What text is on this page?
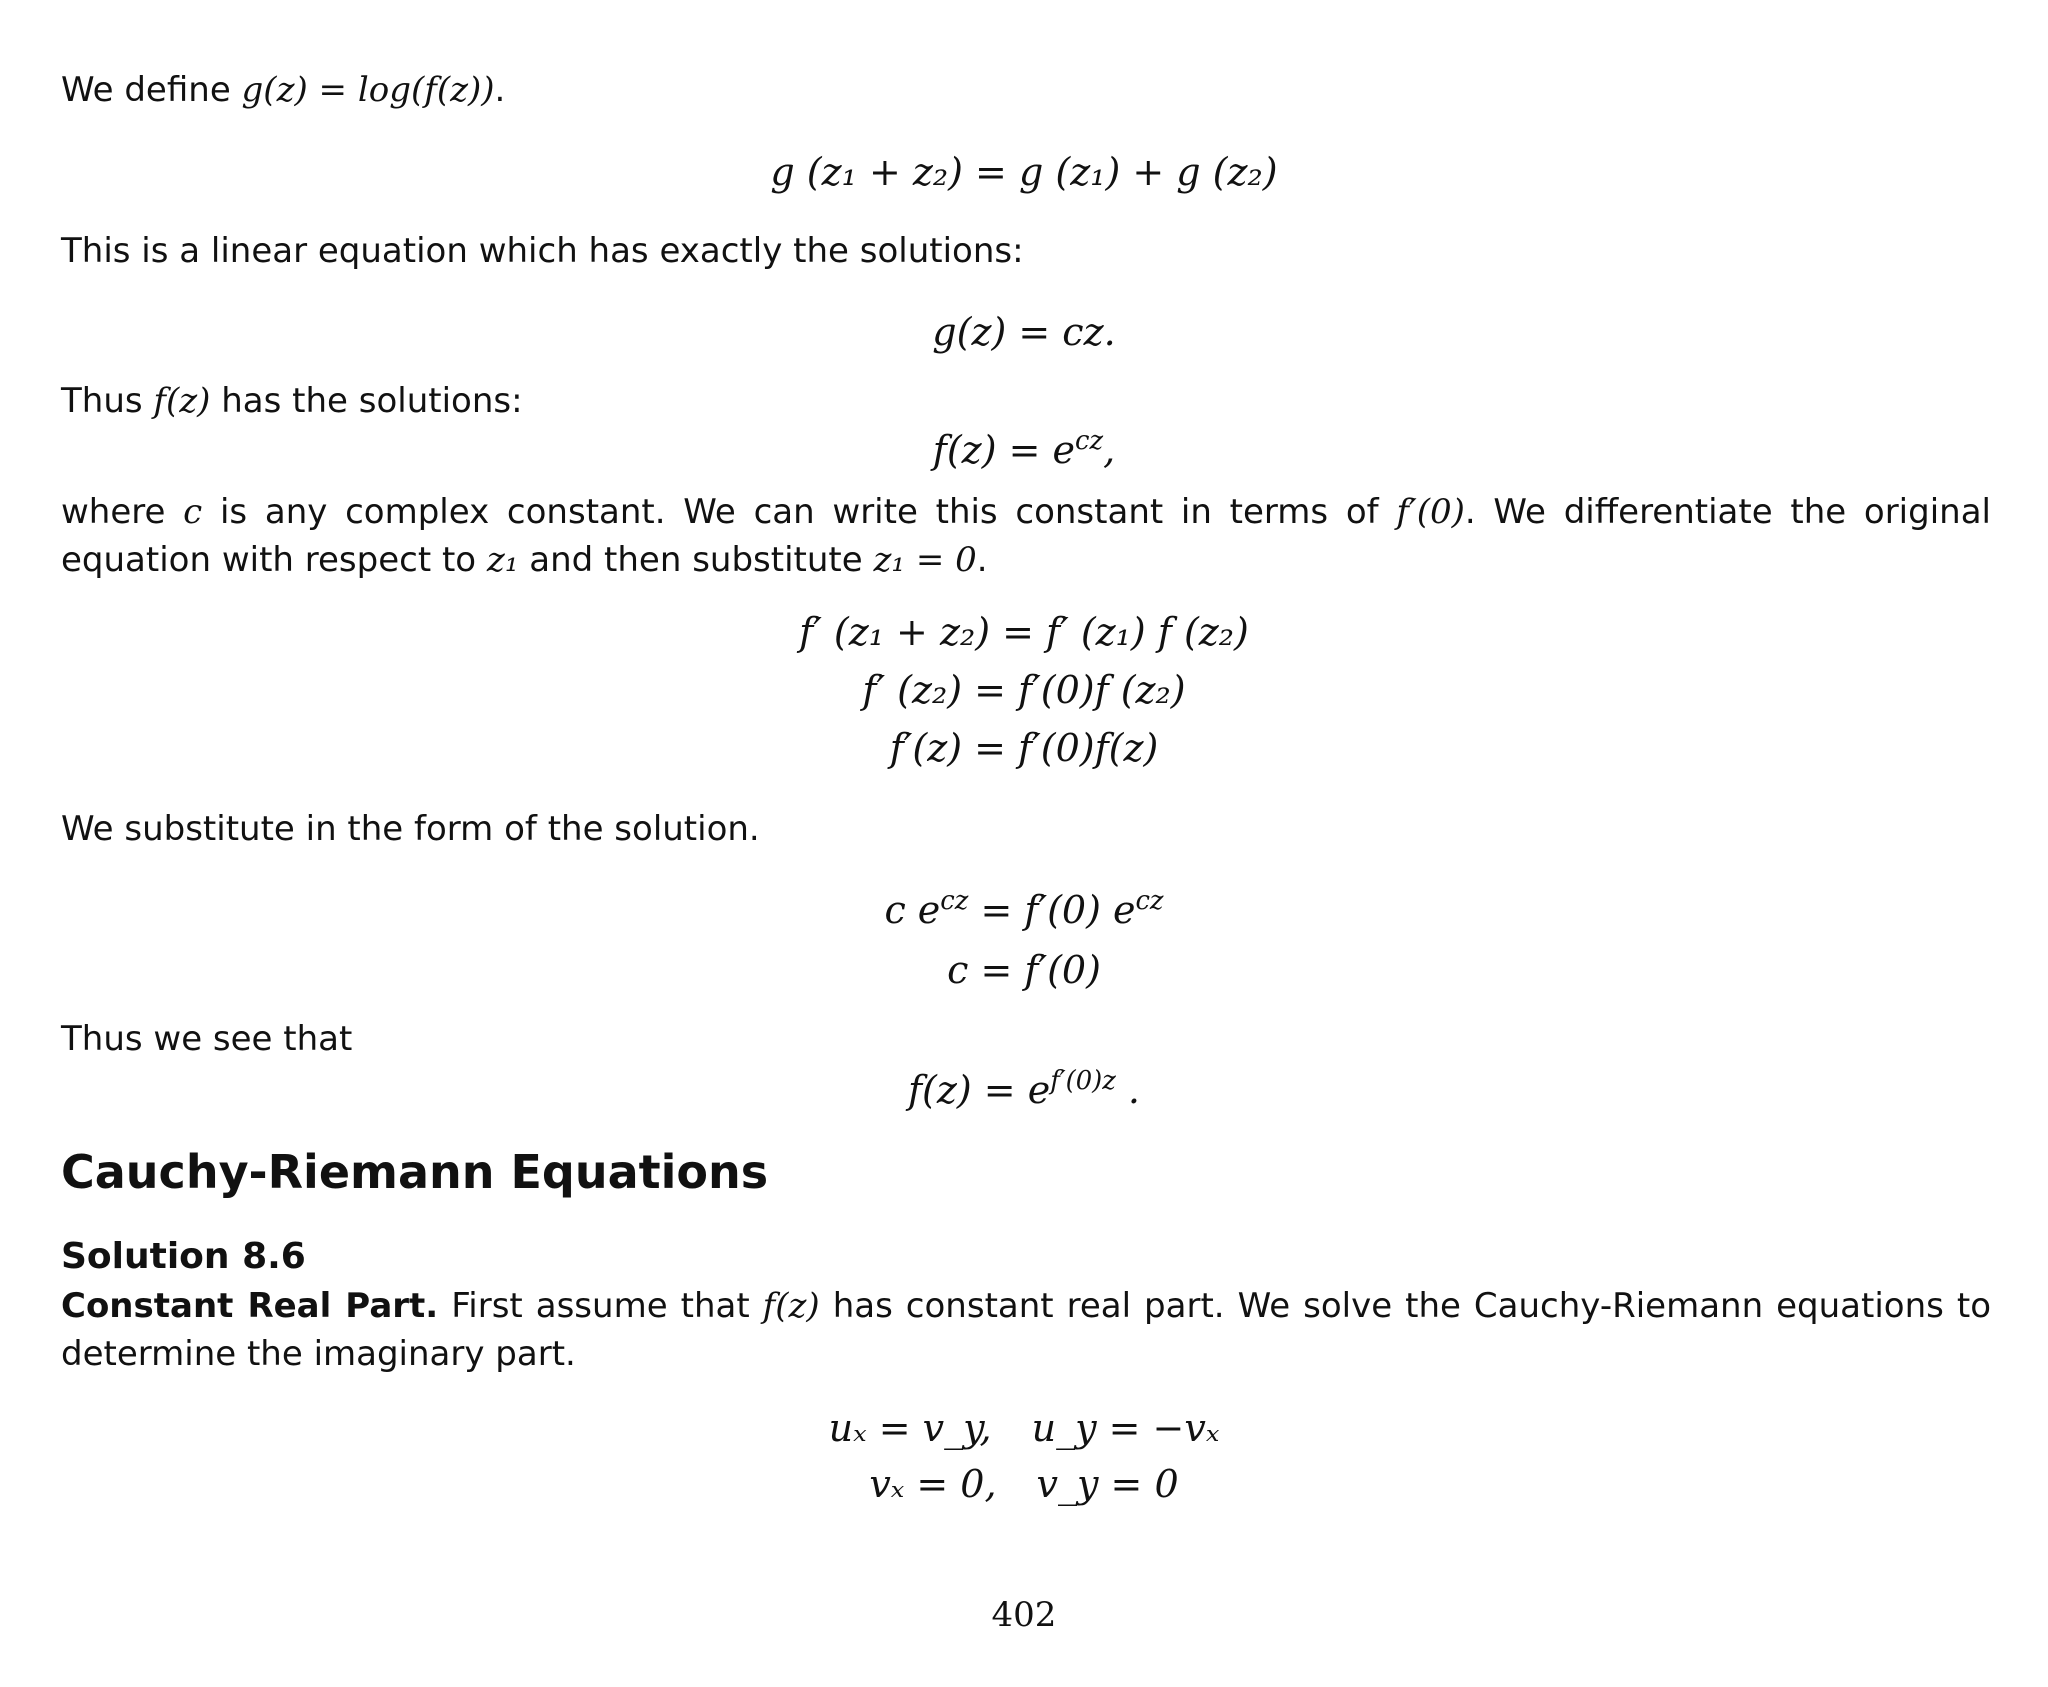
We define g(z) = log(f(z)).
g (z₁ + z₂) = g (z₁) + g (z₂)
This is a linear equation which has exactly the solutions:
g(z) = cz.
Thus f(z) has the solutions:
$f(z) = e^{cz}$,
where c is any complex constant. We can write this constant in terms of f′(0). We differentiate the original equation with respect to z₁ and then substitute z₁ = 0.
f′ (z₁ + z₂) = f′ (z₁) f (z₂)
f′ (z₂) = f′(0)f (z₂)
f′(z) = f′(0)f(z)
We substitute in the form of the solution.
c $e^{cz} = f'(0)$ $e^{cz}$
c = f′(0)
Thus we see that
$f(z) = e^{f'(0)z}$ .
Cauchy-Riemann Equations
Solution 8.6
Constant Real Part. First assume that f(z) has constant real part. We solve the Cauchy-Riemann equations to determine the imaginary part.
uₓ = v_y, u_y = −vₓ
vₓ = 0, v_y = 0
402
